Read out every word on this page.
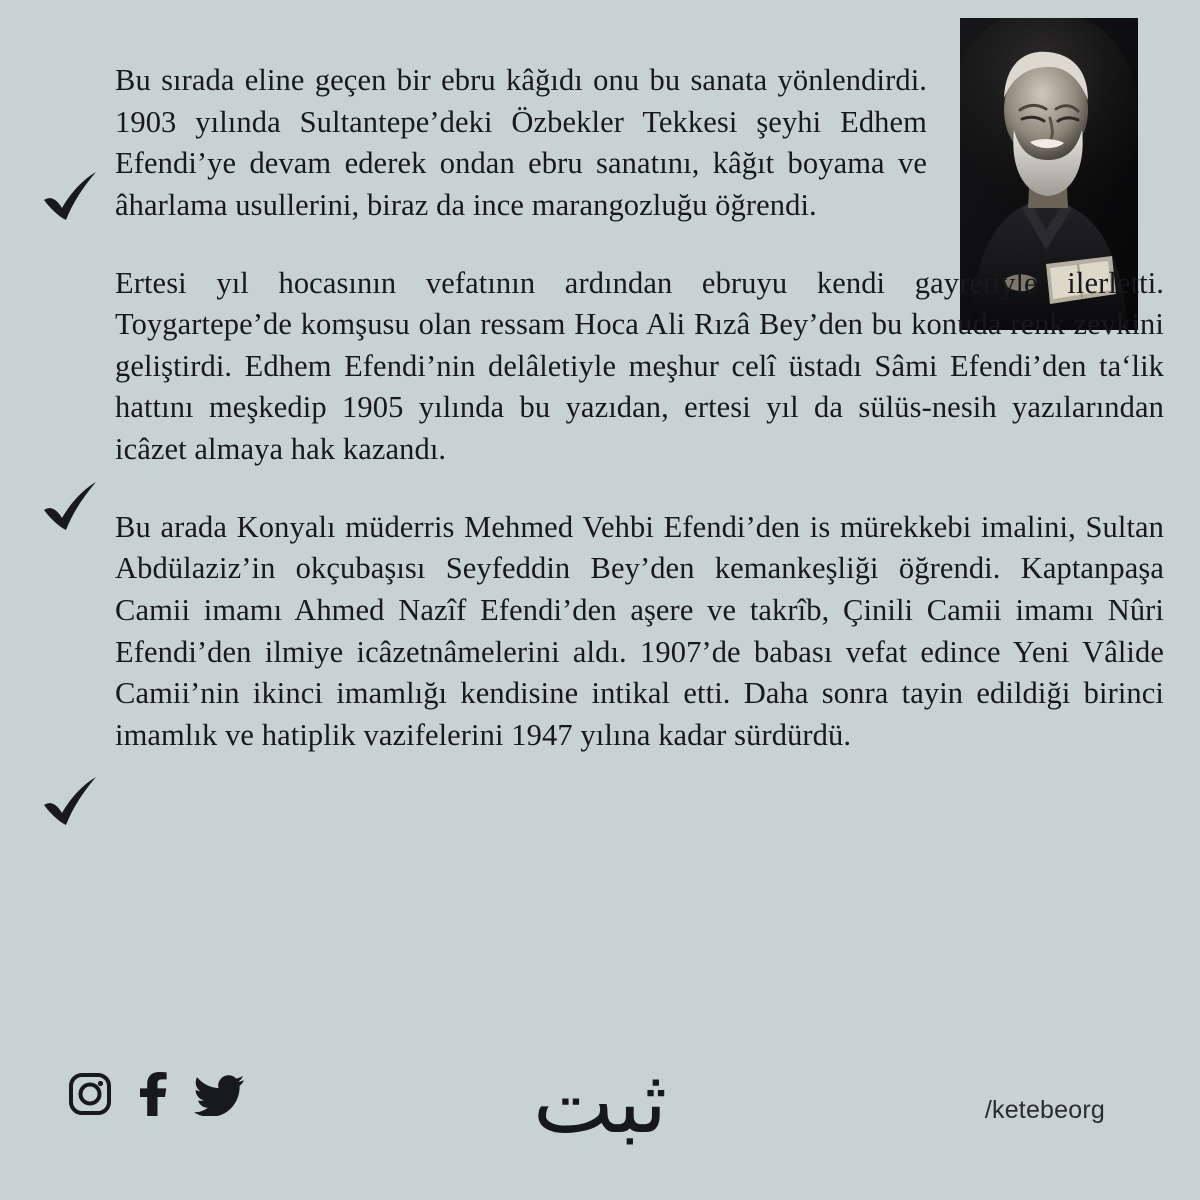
Bu sırada eline geçen bir ebru kâğıdı onu bu sanata yönlendirdi. 1903 yılında Sultantepe’deki Özbekler Tekkesi şeyhi Edhem Efendi’ye devam ederek ondan ebru sanatını, kâğıt boyama ve âharlama usullerini, biraz da ince marangozluğu öğrendi.

Ertesi yıl hocasının vefatının ardından ebruyu kendi gayretiyle ilerletti. Toygartepe’de komşusu olan ressam Hoca Ali Rızâ Bey’den bu konuda renk zevkini geliştirdi. Edhem Efendi’nin delâletiyle meşhur celî üstadı Sâmi Efendi’den ta‘lik hattını meşkedip 1905 yılında bu yazıdan, ertesi yıl da sülüs-nesih yazılarından icâzet almaya hak kazandı.

Bu arada Konyalı müderris Mehmed Vehbi Efendi’den is mürekkebi imalini, Sultan Abdülaziz’in okçubaşısı Seyfeddin Bey’den kemankeşliği öğrendi. Kaptanpaşa Camii imamı Ahmed Nazîf Efendi’den aşere ve takrîb, Çinili Camii imamı Nûri Efendi’den ilmiye icâzetnâmelerini aldı. 1907’de babası vefat edince Yeni Vâlide Camii’nin ikinci imamlığı kendisine intikal etti. Daha sonra tayin edildiği birinci imamlık ve hatiplik vazifelerini 1947 yılına kadar sürdürdü.

ثبت	/ketebeorg
